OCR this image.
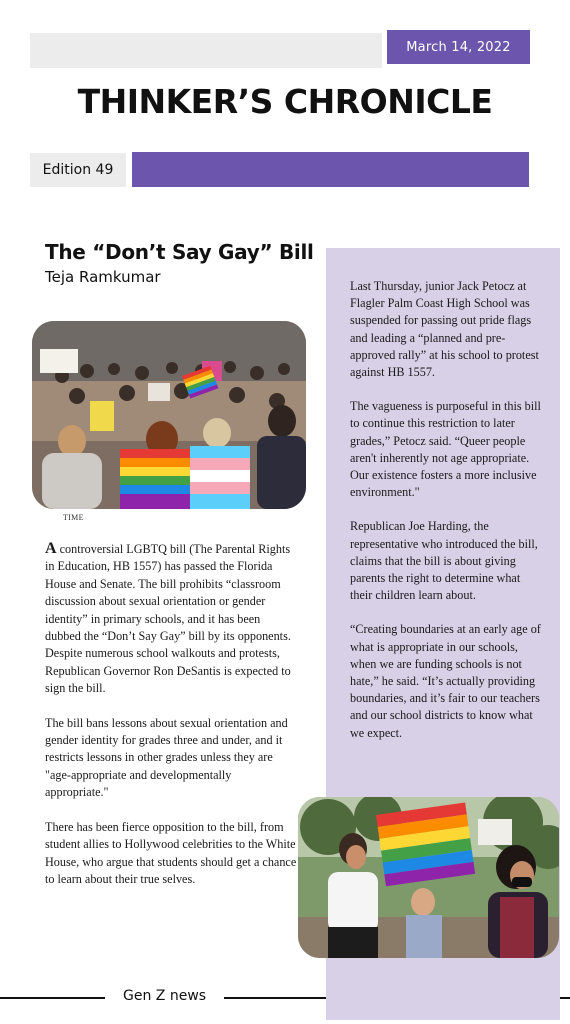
March 14, 2022
THINKER’S CHRONICLE
Edition 49
The “Don’t Say Gay” Bill
Teja Ramkumar
TIME

A controversial LGBTQ bill (The Parental Rights in Education, HB 1557) has passed the Florida House and Senate. The bill prohibits “classroom discussion about sexual orientation or gender identity” in primary schools, and it has been dubbed the “Don’t Say Gay” bill by its opponents. Despite numerous school walkouts and protests, Republican Governor Ron DeSantis is expected to sign the bill.

The bill bans lessons about sexual orientation and gender identity for grades three and under, and it restricts lessons in other grades unless they are "age-appropriate and developmentally appropriate."

There has been fierce opposition to the bill, from student allies to Hollywood celebrities to the White House, who argue that students should get a chance to learn about their true selves.

Last Thursday, junior Jack Petocz at Flagler Palm Coast High School was suspended for passing out pride flags and leading a “planned and pre-approved rally” at his school to protest against HB 1557.

The vagueness is purposeful in this bill to continue this restriction to later grades,” Petocz said. “Queer people aren't inherently not age appropriate. Our existence fosters a more inclusive environment."

Republican Joe Harding, the representative who introduced the bill, claims that the bill is about giving parents the right to determine what their children learn about.

“Creating boundaries at an early age of what is appropriate in our schools, when we are funding schools is not hate,” he said. “It’s actually providing boundaries, and it’s fair to our teachers and our school districts to know what we expect.

Gen Z news
